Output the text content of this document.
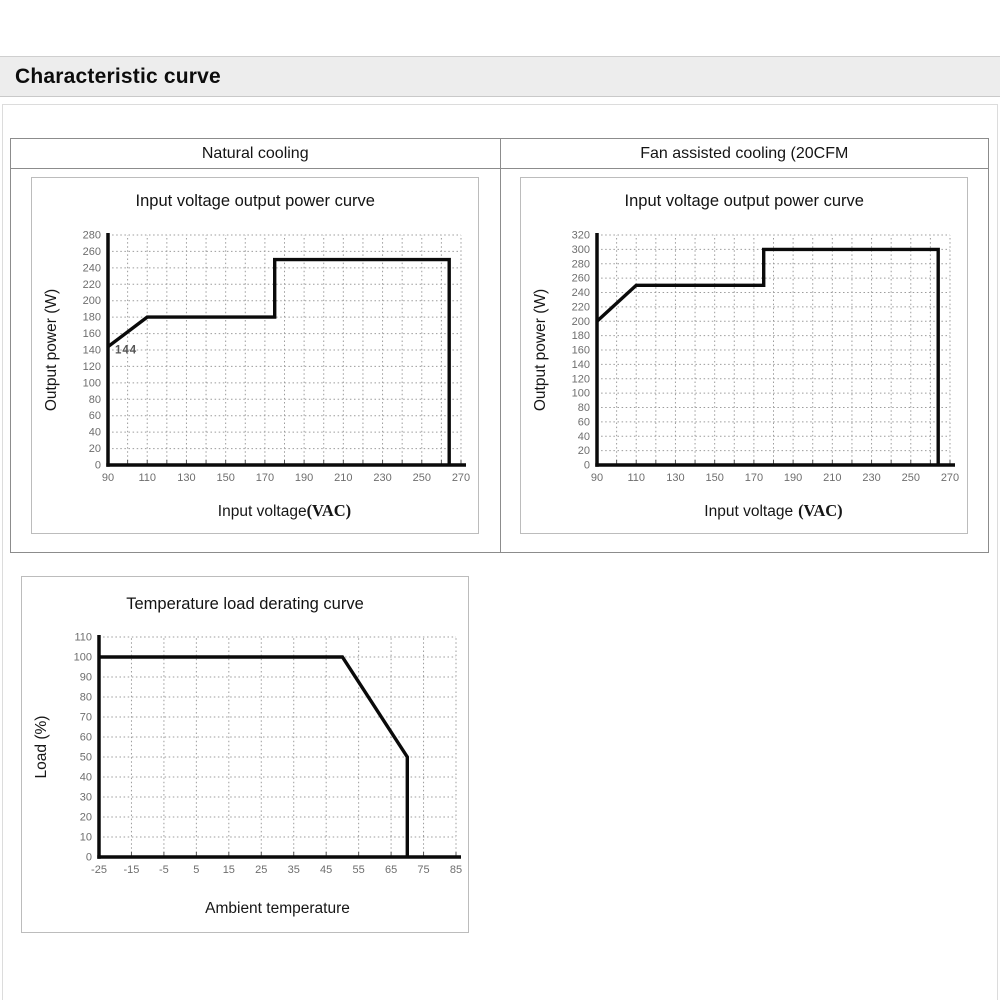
Characteristic curve
Natural cooling
Input voltage output power curve
90 110 130 150 170 190 210 230 250 270
0
20
40
60
80
100
120
140
160
180
200
220
240
260
280
144
Input voltage(VAC)
Output power (W)
Fan assisted cooling (20CFM
Input voltage output power curve
90 110 130 150 170 190 210 230 250 270
0
20
40
60
80
100
120
140
160
180
200
220
240
260
280
300
320
Input voltage (VAC)
Output power (W)
Temperature load derating curve
-25 -15 -5 5 15 25 35 45 55 65 75 85
0
10
20
30
40
50
60
70
80
90
100
110
Ambient temperature
Load (%)
